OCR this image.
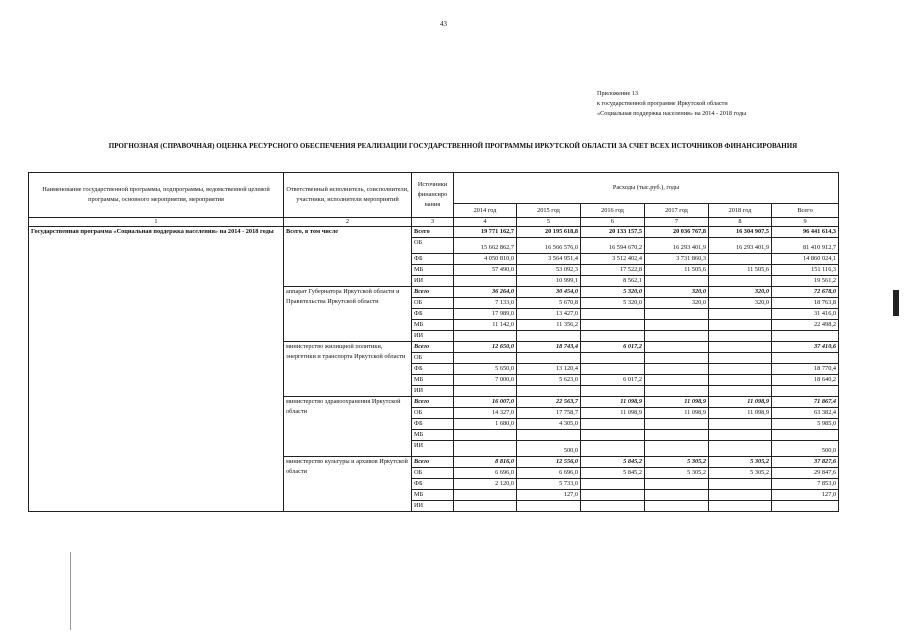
43
Приложение 13
к государственной программе Иркутской области
«Социальная поддержка населения» на 2014 - 2018 годы
ПРОГНОЗНАЯ (СПРАВОЧНАЯ) ОЦЕНКА РЕСУРСНОГО ОБЕСПЕЧЕНИЯ РЕАЛИЗАЦИИ ГОСУДАРСТВЕННОЙ ПРОГРАММЫ ИРКУТСКОЙ ОБЛАСТИ ЗА СЧЕТ ВСЕХ ИСТОЧНИКОВ ФИНАНСИРОВАНИЯ
Наименование государственной программы, подпрограммы, ведомственной целевой программы, основного мероприятия, мероприятия	Ответственный исполнитель, соисполнители, участники, исполнители мероприятий	Источники финансиро вания	Расходы (тыс.руб.), годы					
			2014 год	2015 год	2016 год	2017 год	2018 год	Всего
1	2	3	4	5	6	7	8	9
Государственная программа «Социальная поддержка населения» на 2014 - 2018 годы	Всего, в том числе	Всего	19 771 162,7	20 195 618,8	20 133 157,5	20 036 767,8	16 304 907,5	96 441 614,3
		ОБ	15 662 862,7	16 566 576,0	16 594 670,2	16 293 401,9	16 293 401,9	81 410 912,7
		ФБ	4 050 810,0	3 564 951,4	3 512 402,4	3 731 860,3		14 860 024,1
		МБ	57 490,0	53 092,3	17 522,8	11 505,6	11 505,6	151 116,3
		ИИ		10 999,1	8 562,1			19 561,2
	аппарат Губернатора Иркутской области и Правительства Иркутской области	Всего	36 264,0	30 454,0	5 320,0	320,0	320,0	72 678,0
		ОБ	7 133,0	5 670,8	5 320,0	320,0	320,0	18 763,8
		ФБ	17 989,0	13 427,0				31 416,0
		МБ	11 142,0	11 356,2				22 498,2
		ИИ						
	министерство жилищной политики, энергетики и транспорта Иркутской области	Всего	12 650,0	18 743,4	6 017,2			37 410,6
		ОБ						
		ФБ	5 650,0	13 120,4				18 770,4
		МБ	7 000,0	5 623,0	6 017,2			18 640,2
		ИИ						
	министерство здравоохранения Иркутской области	Всего	16 007,0	22 563,7	11 098,9	11 098,9	11 098,9	71 867,4
		ОБ	14 327,0	17 758,7	11 098,9	11 098,9	11 098,9	63 382,4
		ФБ	1 680,0	4 305,0				5 985,0
		МБ						
		ИИ		500,0				500,0
	министерство культуры и архивов Иркутской области	Всего	8 816,0	12 556,0	5 845,2	5 305,2	5 305,2	37 827,6
		ОБ	6 696,0	6 696,0	5 845,2	5 305,2	5 305,2	29 847,6
		ФБ	2 120,0	5 733,0				7 853,0
		МБ		127,0				127,0
		ИИ						
